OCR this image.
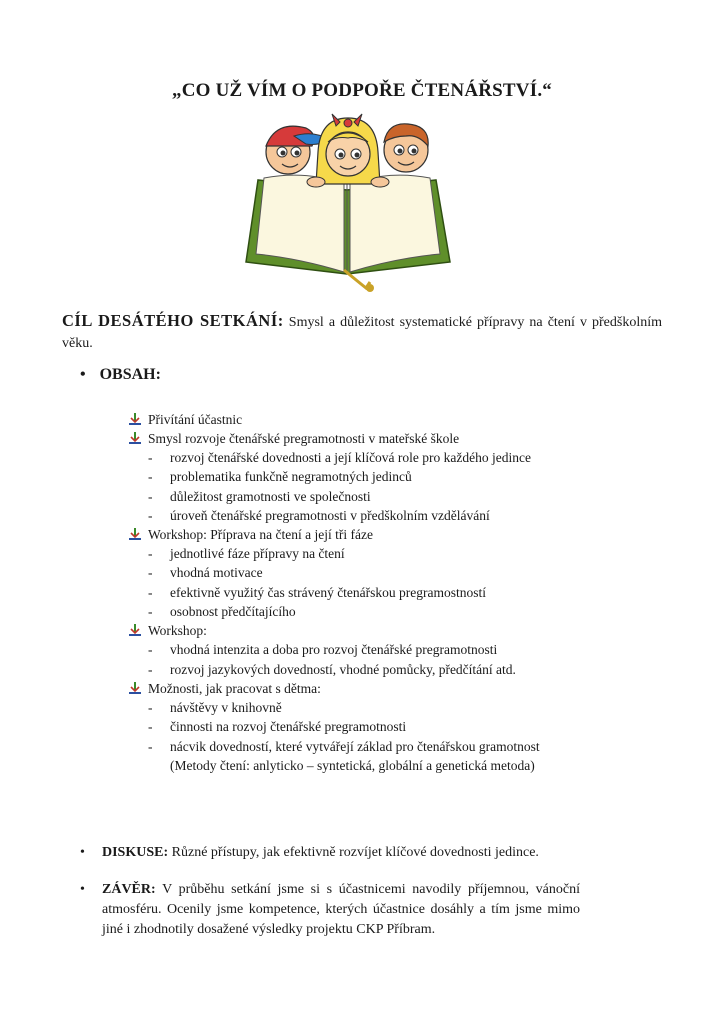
„CO UŽ VÍM O PODPOŘE ČTENÁŘSTVÍ.“
CÍL DESÁTÉHO SETKÁNÍ: Smysl a důležitost systematické přípravy na čtení v předškolním věku.
• OBSAH:
Přivítání účastnic
Smysl rozvoje čtenářské pregramotnosti v mateřské škole
- rozvoj čtenářské dovednosti a její klíčová role pro každého jedince
- problematika funkčně negramotných jedinců
- důležitost gramotnosti ve společnosti
- úroveň čtenářské pregramotnosti v předškolním vzdělávání
Workshop: Příprava na čtení a její tři fáze
- jednotlivé fáze přípravy na čtení
- vhodná motivace
- efektivně využitý čas strávený čtenářskou pregramostností
- osobnost předčítajícího
Workshop:
- vhodná intenzita a doba pro rozvoj čtenářské pregramotnosti
- rozvoj jazykových dovedností, vhodné pomůcky, předčítání atd.
Možnosti, jak pracovat s dětma:
- návštěvy v knihovně
- činnosti na rozvoj čtenářské pregramotnosti
- nácvik dovedností, které vytvářejí základ pro čtenářskou gramotnost
(Metody čtení: anlyticko – syntetická, globální a genetická metoda)
•	DISKUSE: Různé přístupy, jak efektivně rozvíjet klíčové dovednosti jedince.
•	ZÁVĚR: V průběhu setkání jsme si s účastnicemi navodily příjemnou, vánoční atmosféru. Ocenily jsme kompetence, kterých účastnice dosáhly a tím jsme mimo jiné i zhodnotily dosažené výsledky projektu CKP Příbram.
